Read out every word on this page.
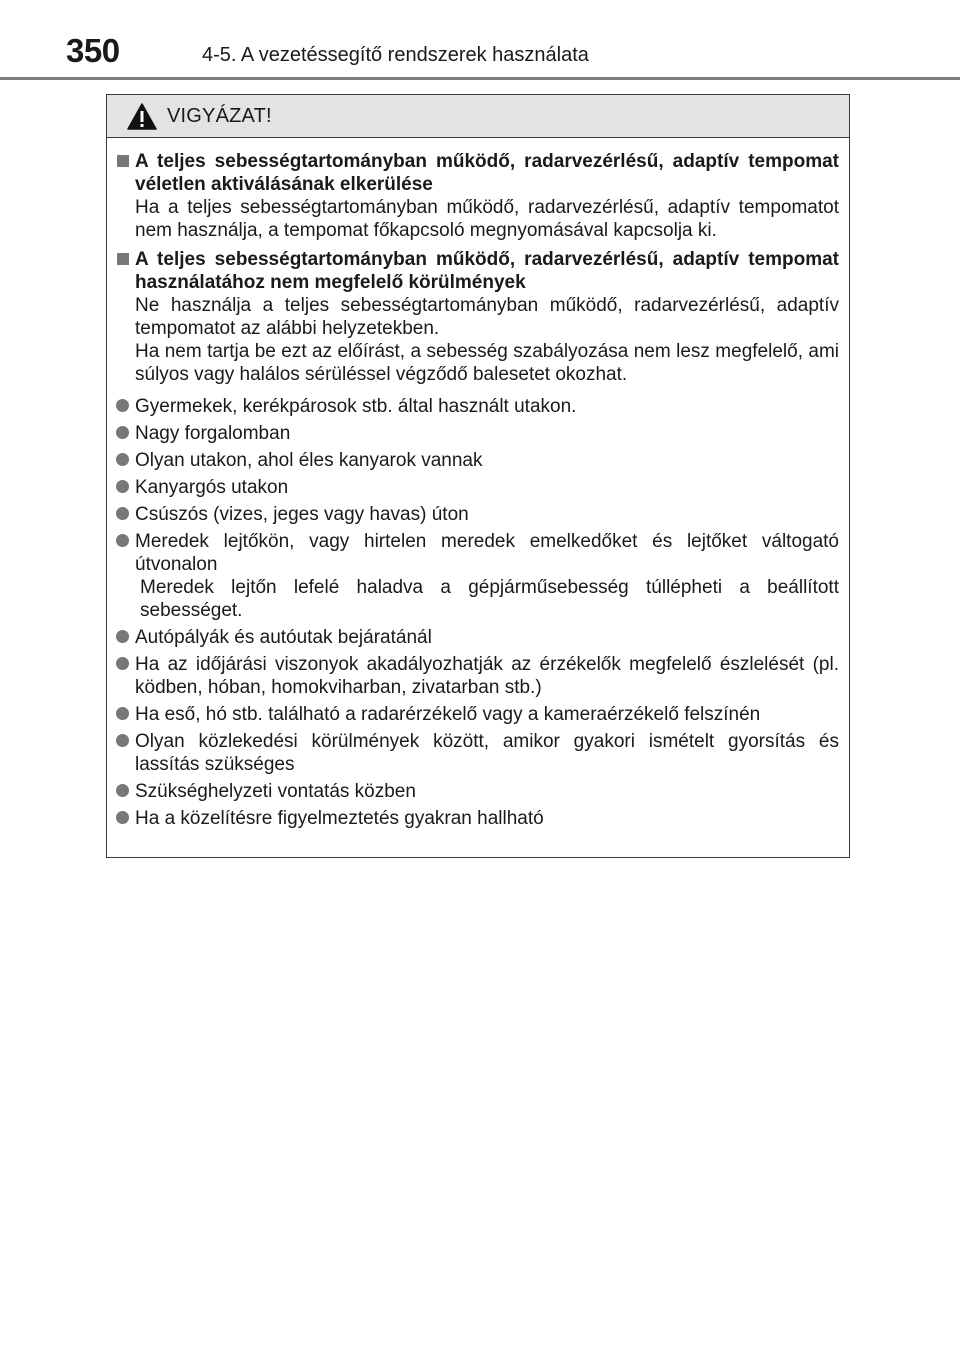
350	4-5. A vezetéssegítő rendszerek használata
VIGYÁZAT!
A teljes sebességtartományban működő, radarvezérlésű, adaptív tempomat véletlen aktiválásának elkerülése
Ha a teljes sebességtartományban működő, radarvezérlésű, adaptív tempomatot nem használja, a tempomat főkapcsoló megnyomásával kapcsolja ki.
A teljes sebességtartományban működő, radarvezérlésű, adaptív tempomat használatához nem megfelelő körülmények
Ne használja a teljes sebességtartományban működő, radarvezérlésű, adaptív tempomatot az alábbi helyzetekben.
Ha nem tartja be ezt az előírást, a sebesség szabályozása nem lesz megfelelő, ami súlyos vagy halálos sérüléssel végződő balesetet okozhat.
Gyermekek, kerékpárosok stb. által használt utakon.
Nagy forgalomban
Olyan utakon, ahol éles kanyarok vannak
Kanyargós utakon
Csúszós (vizes, jeges vagy havas) úton
Meredek lejtőkön, vagy hirtelen meredek emelkedőket és lejtőket váltogató útvonalon
Meredek lejtőn lefelé haladva a gépjárműsebesség túllépheti a beállított sebességet.
Autópályák és autóutak bejáratánál
Ha az időjárási viszonyok akadályozhatják az érzékelők megfelelő észlelését (pl. ködben, hóban, homokviharban, zivatarban stb.)
Ha eső, hó stb. található a radarérzékelő vagy a kameraérzékelő felszínén
Olyan közlekedési körülmények között, amikor gyakori ismételt gyorsítás és lassítás szükséges
Szükséghelyzeti vontatás közben
Ha a közelítésre figyelmeztetés gyakran hallható
